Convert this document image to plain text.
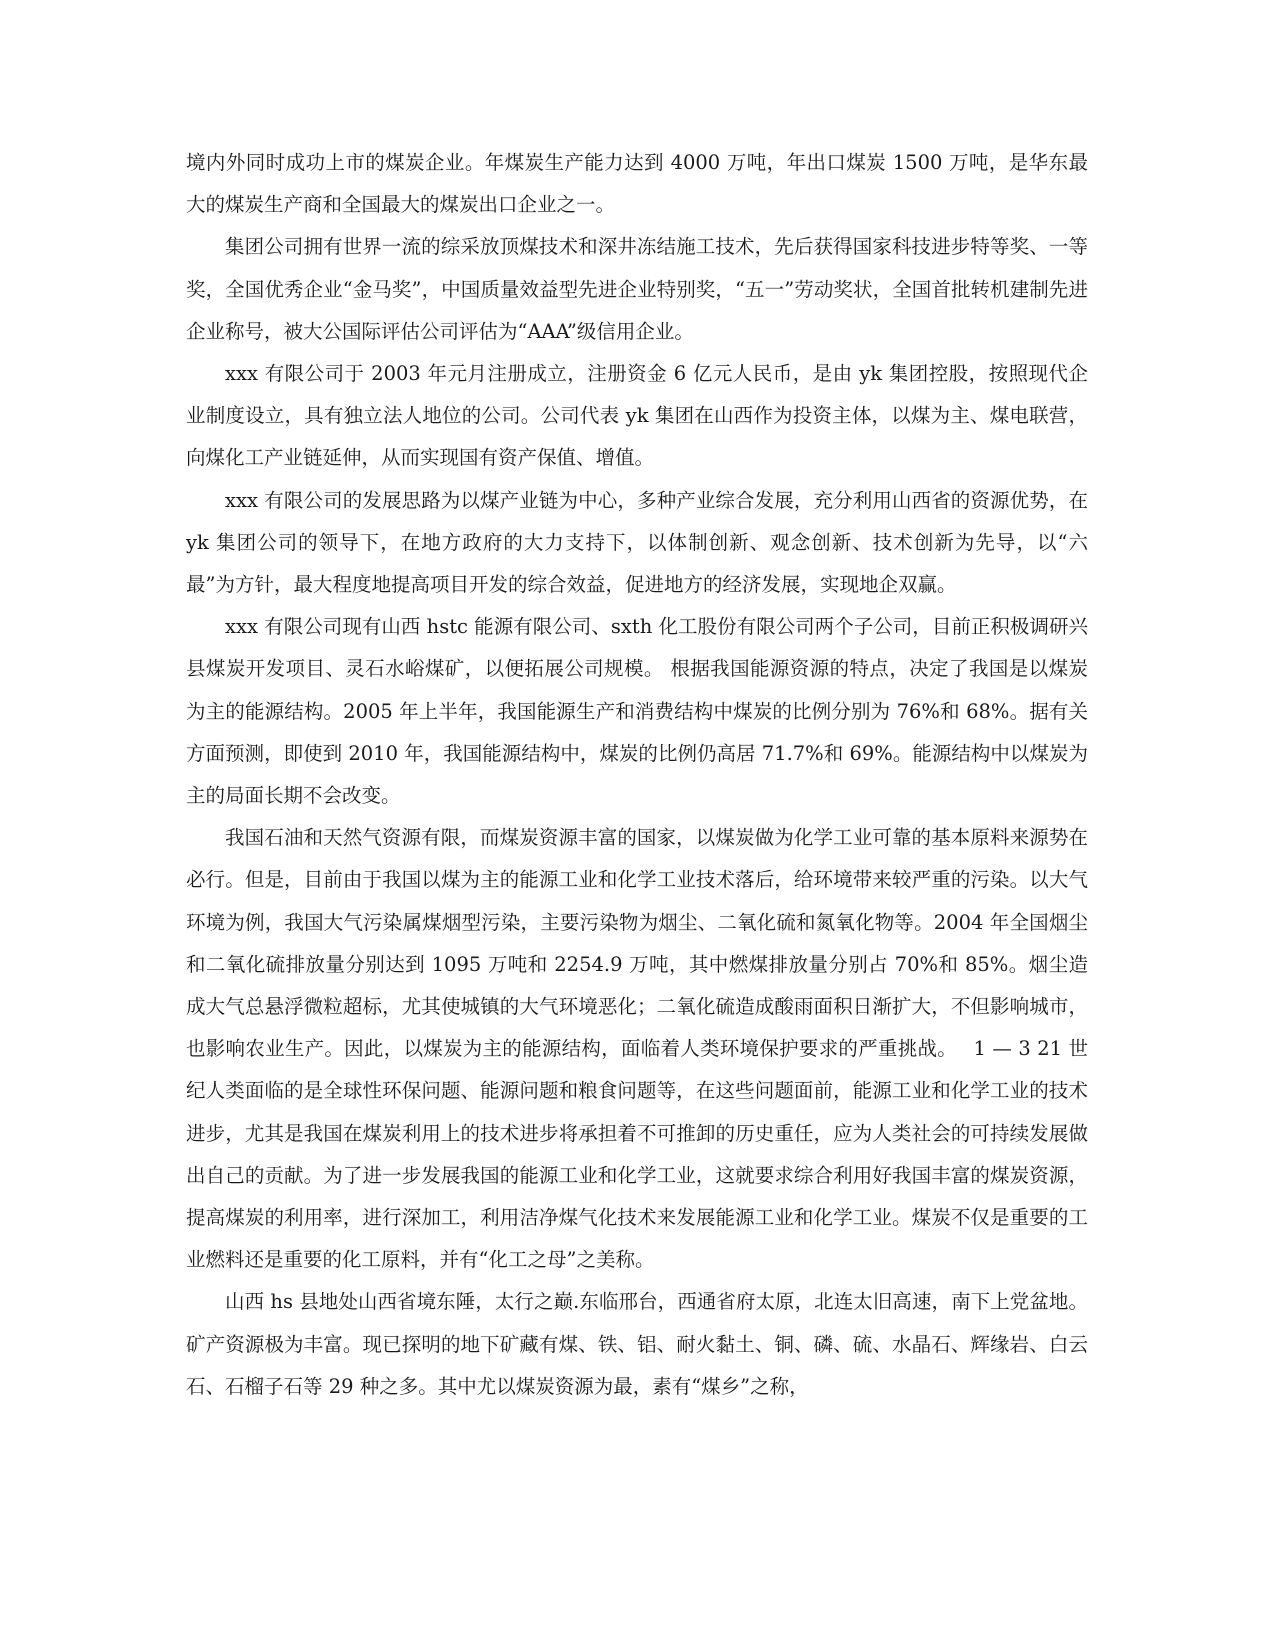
境内外同时成功上市的煤炭企业。年煤炭生产能力达到 4000 万吨，年出口煤炭 1500 万吨，是华东最大的煤炭生产商和全国最大的煤炭出口企业之一。

集团公司拥有世界一流的综采放顶煤技术和深井冻结施工技术，先后获得国家科技进步特等奖、一等奖，全国优秀企业“金马奖”，中国质量效益型先进企业特别奖，“五一”劳动奖状，全国首批转机建制先进企业称号，被大公国际评估公司评估为“AAA”级信用企业。

xxx 有限公司于 2003 年元月注册成立，注册资金 6 亿元人民币，是由 yk 集团控股，按照现代企业制度设立，具有独立法人地位的公司。公司代表 yk 集团在山西作为投资主体，以煤为主、煤电联营，向煤化工产业链延伸，从而实现国有资产保值、增值。

xxx 有限公司的发展思路为以煤产业链为中心，多种产业综合发展，充分利用山西省的资源优势，在 yk 集团公司的领导下，在地方政府的大力支持下，以体制创新、观念创新、技术创新为先导，以“六最”为方针，最大程度地提高项目开发的综合效益，促进地方的经济发展，实现地企双赢。

xxx 有限公司现有山西 hstc 能源有限公司、sxth 化工股份有限公司两个子公司，目前正积极调研兴县煤炭开发项目、灵石水峪煤矿，以便拓展公司规模。 根据我国能源资源的特点，决定了我国是以煤炭为主的能源结构。2005 年上半年，我国能源生产和消费结构中煤炭的比例分别为 76%和 68%。据有关方面预测，即使到 2010 年，我国能源结构中，煤炭的比例仍高居 71.7%和 69%。能源结构中以煤炭为主的局面长期不会改变。

我国石油和天然气资源有限，而煤炭资源丰富的国家，以煤炭做为化学工业可靠的基本原料来源势在必行。但是，目前由于我国以煤为主的能源工业和化学工业技术落后，给环境带来较严重的污染。以大气环境为例，我国大气污染属煤烟型污染，主要污染物为烟尘、二氧化硫和氮氧化物等。2004 年全国烟尘和二氧化硫排放量分别达到 1095 万吨和 2254.9 万吨，其中燃煤排放量分别占 70%和 85%。烟尘造成大气总悬浮微粒超标，尤其使城镇的大气环境恶化；二氧化硫造成酸雨面积日渐扩大，不但影响城市，也影响农业生产。因此，以煤炭为主的能源结构，面临着人类环境保护要求的严重挑战。　 1 — 3 21 世纪人类面临的是全球性环保问题、能源问题和粮食问题等，在这些问题面前，能源工业和化学工业的技术进步，尤其是我国在煤炭利用上的技术进步将承担着不可推卸的历史重任，应为人类社会的可持续发展做出自己的贡献。为了进一步发展我国的能源工业和化学工业，这就要求综合利用好我国丰富的煤炭资源，提高煤炭的利用率，进行深加工，利用洁净煤气化技术来发展能源工业和化学工业。煤炭不仅是重要的工业燃料还是重要的化工原料，并有“化工之母”之美称。

山西 hs 县地处山西省境东陲，太行之巅.东临邢台，西通省府太原，北连太旧高速，南下上党盆地。矿产资源极为丰富。现已探明的地下矿藏有煤、铁、铝、耐火黏土、铜、磷、硫、水晶石、辉缘岩、白云石、石榴子石等 29 种之多。其中尤以煤炭资源为最，素有“煤乡”之称，
